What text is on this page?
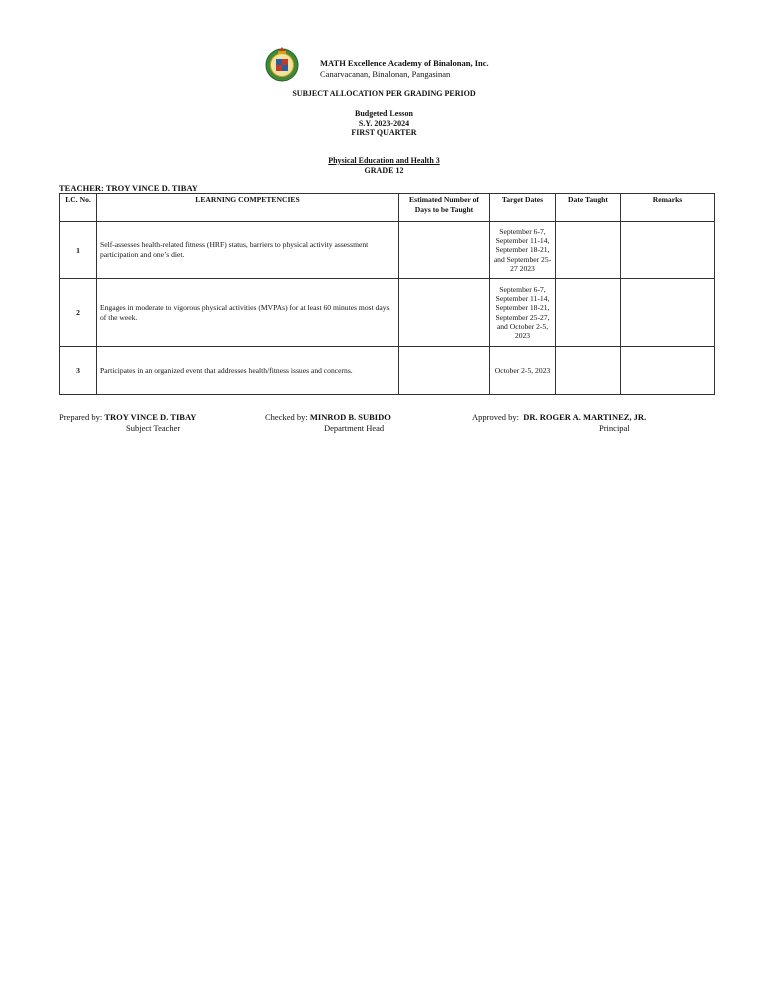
MATH Excellence Academy of Binalonan, Inc.
Canarvacanan, Binalonan, Pangasinan
SUBJECT ALLOCATION PER GRADING PERIOD
Budgeted Lesson
S.Y. 2023-2024
FIRST QUARTER
Physical Education and Health 3
GRADE 12
TEACHER: TROY VINCE D. TIBAY
LC. No.	LEARNING COMPETENCIES	Estimated Number of Days to be Taught	Target Dates	Date Taught	Remarks
1	Self-assesses health-related fitness (HRF) status, barriers to physical activity assessment participation and one’s diet.		September 6-7, September 11-14, September 18-21, and September 25-27 2023		
2	Engages in moderate to vigorous physical activities (MVPAs) for at least 60 minutes most days of the week.		September 6-7, September 11-14, September 18-21, September 25-27, and October 2-5, 2023		
3	Participates in an organized event that addresses health/fitness issues and concerns.		October 2-5, 2023		
Prepared by: TROY VINCE D. TIBAY
Subject Teacher
Checked by: MINROD B. SUBIDO
Department Head
Approved by: DR. ROGER A. MARTINEZ, JR.
Principal
